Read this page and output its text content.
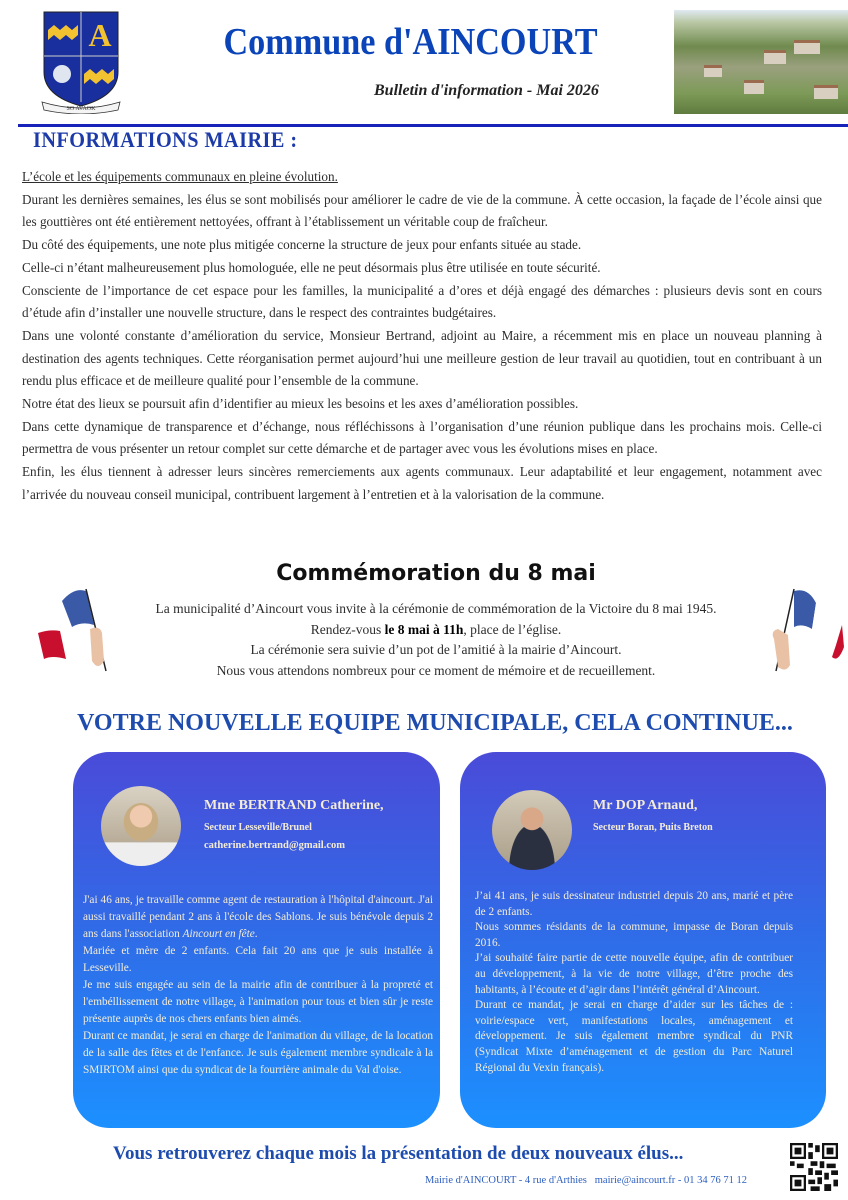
A
SO AVAOK
Commune d'AINCOURT
Bulletin d'information - Mai 2026
INFORMATIONS MAIRIE :

L’école et les équipements communaux en pleine évolution.

Durant les dernières semaines, les élus se sont mobilisés pour améliorer le cadre de vie de la commune. À cette occasion, la façade de l’école ainsi que les gouttières ont été entièrement nettoyées, offrant à l’établissement un véritable coup de fraîcheur.

Du côté des équipements, une note plus mitigée concerne la structure de jeux pour enfants située au stade.

Celle-ci n’étant malheureusement plus homologuée, elle ne peut désormais plus être utilisée en toute sécurité.

Consciente de l’importance de cet espace pour les familles, la municipalité a d’ores et déjà engagé des démarches : plusieurs devis sont en cours d’étude afin d’installer une nouvelle structure, dans le respect des contraintes budgétaires.

Dans une volonté constante d’amélioration du service, Monsieur Bertrand, adjoint au Maire, a récemment mis en place un nouveau planning à destination des agents techniques. Cette réorganisation permet aujourd’hui une meilleure gestion de leur travail au quotidien, tout en contribuant à un rendu plus efficace et de meilleure qualité pour l’ensemble de la commune.

Notre état des lieux se poursuit afin d’identifier au mieux les besoins et les axes d’amélioration possibles.

Dans cette dynamique de transparence et d’échange, nous réfléchissons à l’organisation d’une réunion publique dans les prochains mois. Celle-ci permettra de vous présenter un retour complet sur cette démarche et de partager avec vous les évolutions mises en place.

Enfin, les élus tiennent à adresser leurs sincères remerciements aux agents communaux. Leur adaptabilité et leur engagement, notamment avec l’arrivée du nouveau conseil municipal, contribuent largement à l’entretien et à la valorisation de la commune.

Commémoration du 8 mai
La municipalité d’Aincourt vous invite à la cérémonie de commémoration de la Victoire du 8 mai 1945.
Rendez-vous le 8 mai à 11h, place de l’église.
La cérémonie sera suivie d’un pot de l’amitié à la mairie d’Aincourt.
Nous vous attendons nombreux pour ce moment de mémoire et de recueillement.
VOTRE NOUVELLE EQUIPE MUNICIPALE, CELA CONTINUE...
Mme BERTRAND Catherine,
Secteur Lesseville/Brunel
catherine.bertrand@gmail.com

J'ai 46 ans, je travaille comme agent de restauration à l'hôpital d'aincourt. J'ai aussi travaillé pendant 2 ans à l'école des Sablons. Je suis bénévole depuis 2 ans dans l'association Aincourt en fête.

Mariée et mère de 2 enfants. Cela fait 20 ans que je suis installée à Lesseville.

Je me suis engagée au sein de la mairie afin de contribuer à la propreté et l'embéllissement de notre village, à l'animation pour tous et bien sûr je reste présente auprès de nos chers enfants bien aimés.

Durant ce mandat, je serai en charge de l'animation du village, de la location de la salle des fêtes et de l'enfance. Je suis également membre syndicale à la SMIRTOM ainsi que du syndicat de la fourrière animale du Val d'oise.

Mr DOP Arnaud,
Secteur Boran, Puits Breton

J’ai 41 ans, je suis dessinateur industriel depuis 20 ans, marié et père de 2 enfants.

Nous sommes résidants de la commune, impasse de Boran depuis 2016.

J’ai souhaité faire partie de cette nouvelle équipe, afin de contribuer au développement, à la vie de notre village, d’être proche des habitants, à l’écoute et d’agir dans l’intérêt général d’Aincourt.

Durant ce mandat, je serai en charge d’aider sur les tâches de : voirie/espace vert, manifestations locales, aménagement et développement. Je suis également membre syndical du PNR (Syndicat Mixte d’aménagement et de gestion du Parc Naturel Régional du Vexin français).

Vous retrouverez chaque mois la présentation de deux nouveaux élus...
Mairie d'AINCOURT - 4 rue d'Arthies   mairie@aincourt.fr - 01 34 76 71 12
